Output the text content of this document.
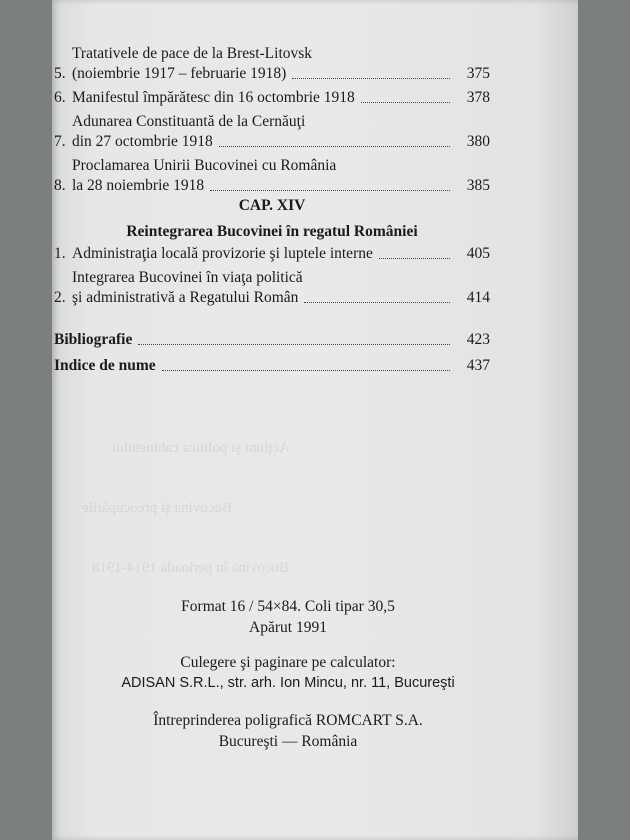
Bucovina în perioada 1914-1918
Acţiuni şi politica cabinetului
Bucovina şi preocupările
5.
Tratativele de pace de la Brest-Litovsk
(noiembrie 1917 – februarie 1918)	375
6. Manifestul împărătesc din 16 octombrie 1918	378
7.
Adunarea Constituantă de la Cernăuţi
din 27 octombrie 1918	380
8.
Proclamarea Unirii Bucovinei cu România
la 28 noiembrie 1918	385
CAP. XIV
Reintegrarea Bucovinei în regatul României
1. Administraţia locală provizorie şi luptele interne	405
2.
Integrarea Bucovinei în viaţa politică
şi administrativă a Regatului Român	414
Bibliografie	423
Indice de nume	437
Format 16 / 54×84. Coli tipar 30,5
Apărut 1991
Culegere şi paginare pe calculator:
ADISAN S.R.L., str. arh. Ion Mincu, nr. 11, Bucureşti
Întreprinderea poligrafică ROMCART S.A.
Bucureşti — România
